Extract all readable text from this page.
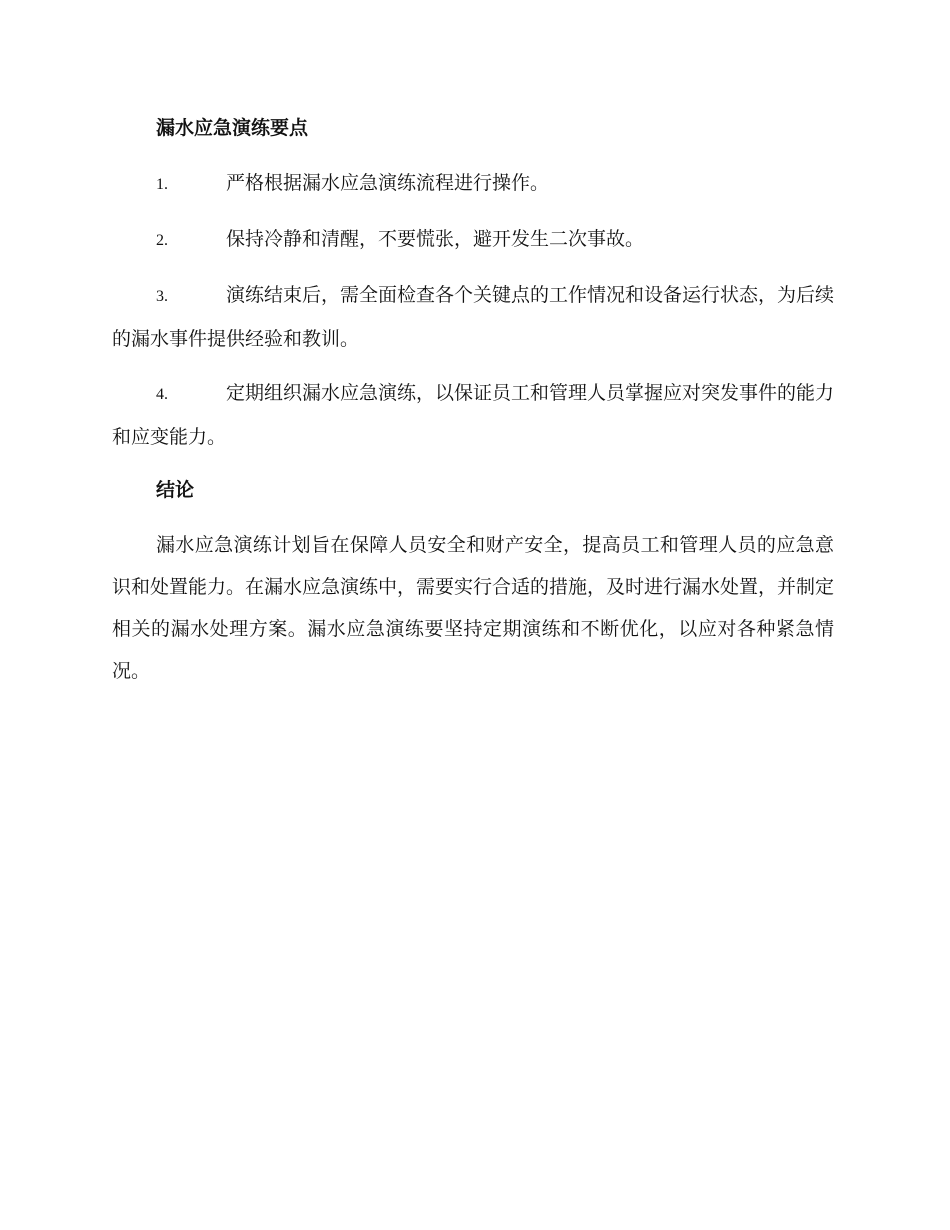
漏水应急演练要点
1.	严格根据漏水应急演练流程进行操作。
2.	保持冷静和清醒，不要慌张，避开发生二次事故。
3.	演练结束后，需全面检查各个关键点的工作情况和设备运行状态，为后续的漏水事件提供经验和教训。
4.	定期组织漏水应急演练，以保证员工和管理人员掌握应对突发事件的能力和应变能力。
结论

漏水应急演练计划旨在保障人员安全和财产安全，提高员工和管理人员的应急意识和处置能力。在漏水应急演练中，需要实行合适的措施，及时进行漏水处置，并制定相关的漏水处理方案。漏水应急演练要坚持定期演练和不断优化，以应对各种紧急情况。
